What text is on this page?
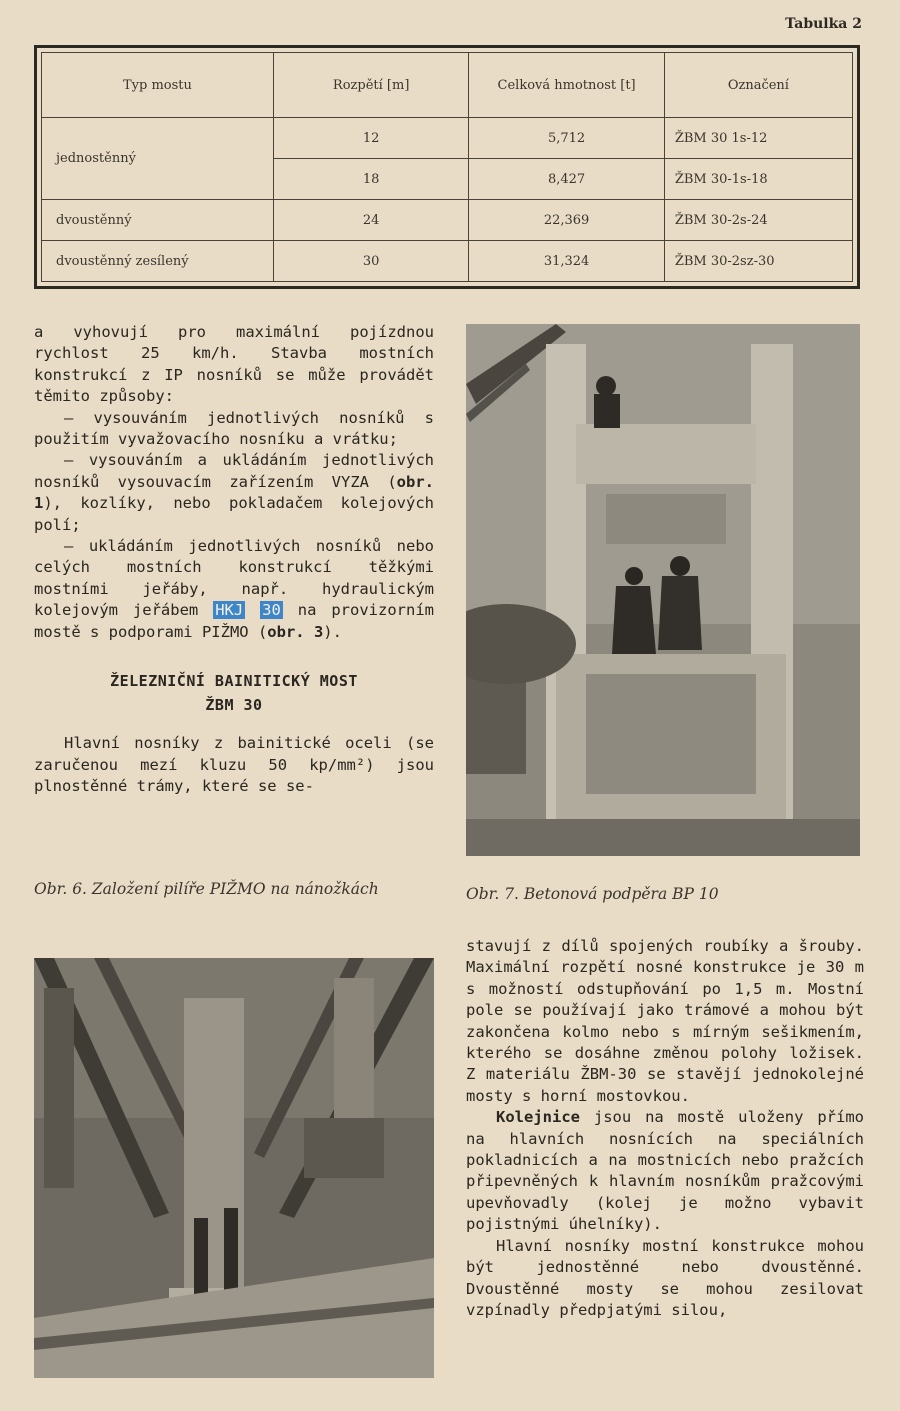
Tabulka 2
Typ mostu	Rozpětí [m]	Celková hmotnost [t]	Označení
jednostěnný	12	5,712	ŽBM 30 1s-12
	18	8,427	ŽBM 30-1s-18
dvoustěnný	24	22,369	ŽBM 30-2s-24
dvoustěnný zesílený	30	31,324	ŽBM 30-2sz-30

a vyhovují pro maximální pojízdnou rychlost 25 km/h. Stavba mostních konstrukcí z IP nosníků se může provádět těmito způsoby:

— vysouváním jednotlivých nosníků s použitím vyvažovacího nosníku a vrátku;

— vysouváním a ukládáním jednotlivých nosníků vysouvacím zařízením VYZA (obr. 1), kozlíky, nebo pokladačem kolejových polí;

— ukládáním jednotlivých nosníků nebo celých mostních konstrukcí těžkými mostními jeřáby, např. hydraulickým kolejovým jeřábem HKJ 30 na provizorním mostě s podporami PIŽMO (obr. 3).

ŽELEZNIČNÍ BAINITICKÝ MOST
ŽBM 30

Hlavní nosníky z bainitické oceli (se zaručenou mezí kluzu 50 kp/mm²) jsou plnostěnné trámy, které se se-

Obr. 7. Betonová podpěra BP 10
Obr. 6. Založení pilíře PIŽMO na nánožkách

stavují z dílů spojených roubíky a šrouby. Maximální rozpětí nosné konstrukce je 30 m s možností odstupňování po 1,5 m. Mostní pole se používají jako trámové a mohou být zakončena kolmo nebo s mírným sešikmením, kterého se dosáhne změnou polohy ložisek. Z materiálu ŽBM-30 se stavějí jednokolejné mosty s horní mostovkou.

Kolejnice jsou na mostě uloženy přímo na hlavních nosnících na speciálních pokladnicích a na mostnicích nebo pražcích připevněných k hlavním nosníkům pražcovými upevňovadly (kolej je možno vybavit pojistnými úhelníky).

Hlavní nosníky mostní konstrukce mohou být jednostěnné nebo dvoustěnné. Dvoustěnné mosty se mohou zesilovat vzpínadly předpjatými silou,
